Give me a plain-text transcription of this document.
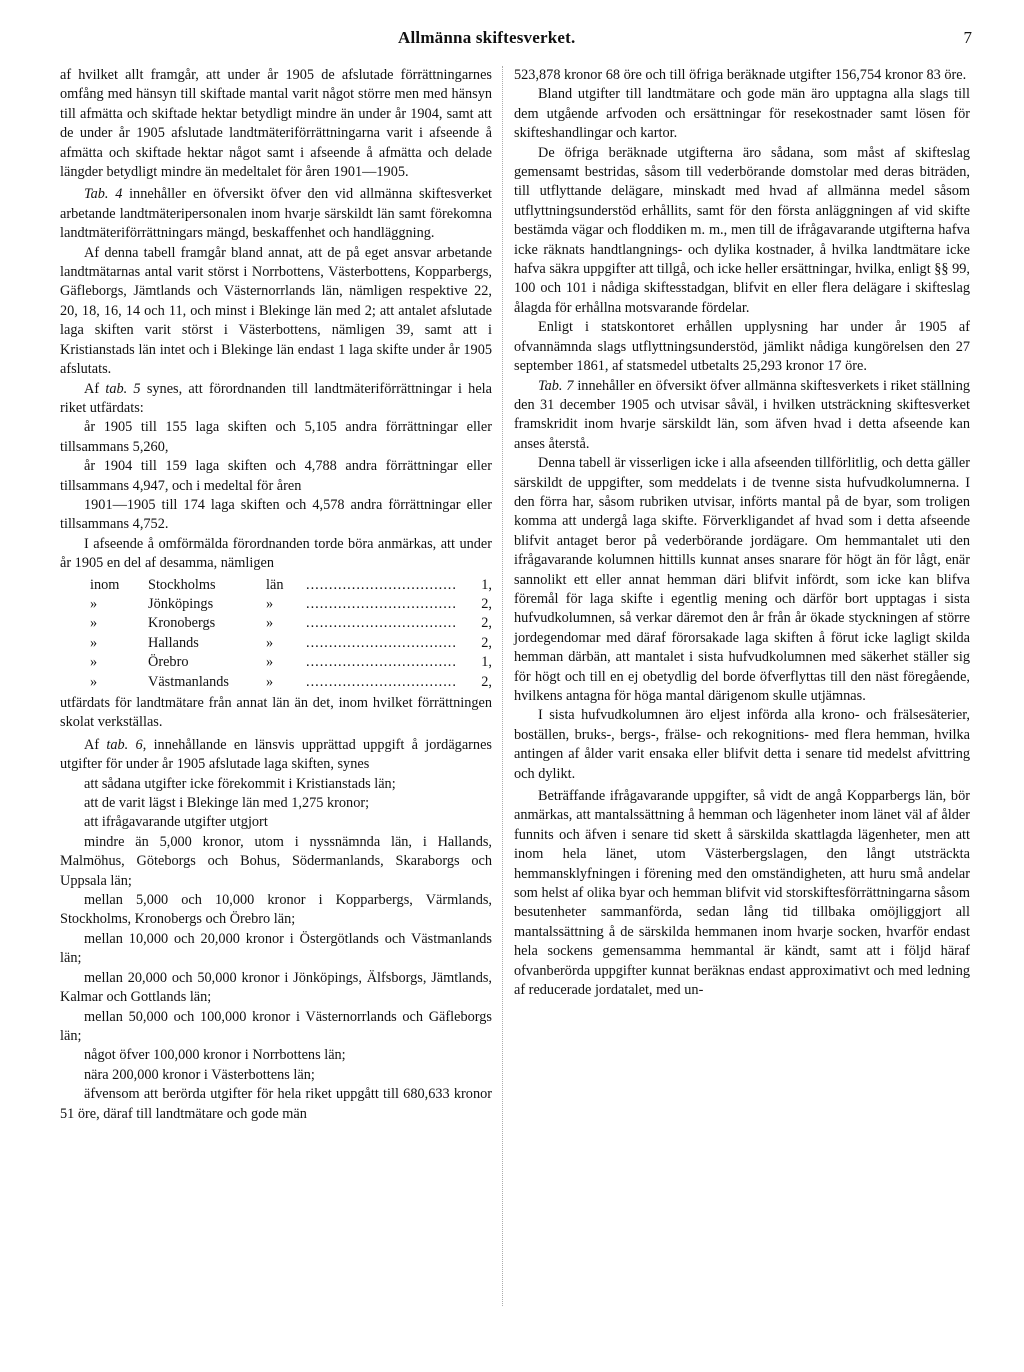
Allmänna skiftesverket.	7

af hvilket allt framgår, att under år 1905 de afslutade förrättningarnes omfång med hänsyn till skiftade mantal varit något större men med hänsyn till afmätta och skiftade hektar betydligt mindre än under år 1904, samt att de under år 1905 afslutade landtmäteriförrättningarna varit i afseende å afmätta och skiftade hektar något samt i afseende å afmätta och delade längder betydligt mindre än medeltalet för åren 1901—1905.

Tab. 4 innehåller en öfversikt öfver den vid allmänna skiftesverket arbetande landtmäteripersonalen inom hvarje särskildt län samt förekomna landtmäteriförrättningars mängd, beskaffenhet och handläggning.

Af denna tabell framgår bland annat, att de på eget ansvar arbetande landtmätarnas antal varit störst i Norrbottens, Västerbottens, Kopparbergs, Gäfleborgs, Jämtlands och Västernorrlands län, nämligen respektive 22, 20, 18, 16, 14 och 11, och minst i Blekinge län med 2; att antalet afslutade laga skiften varit störst i Västerbottens, nämligen 39, samt att i Kristianstads län intet och i Blekinge län endast 1 laga skifte under år 1905 afslutats.

Af tab. 5 synes, att förordnanden till landtmäteriförrättningar i hela riket utfärdats:

år 1905 till 155 laga skiften och 5,105 andra förrättningar eller tillsammans 5,260,

år 1904 till 159 laga skiften och 4,788 andra förrättningar eller tillsammans 4,947, och i medeltal för åren

1901—1905 till 174 laga skiften och 4,578 andra förrättningar eller tillsammans 4,752.

I afseende å omförmälda förordnanden torde böra anmärkas, att under år 1905 en del af desamma, nämligen

inom	Stockholms	län .....	1,
»	Jönköpings	» .....	2,
»	Kronobergs	» .....	2,
»	Hallands	» .....	2,
»	Örebro	» .....	1,
»	Västmanlands	» .....	2,

utfärdats för landtmätare från annat län än det, inom hvilket förrättningen skolat verkställas.

Af tab. 6, innehållande en länsvis upprättad uppgift å jordägarnes utgifter för under år 1905 afslutade laga skiften, synes

att sådana utgifter icke förekommit i Kristianstads län;

att de varit lägst i Blekinge län med 1,275 kronor;

att ifrågavarande utgifter utgjort

mindre än 5,000 kronor, utom i nyssnämnda län, i Hallands, Malmöhus, Göteborgs och Bohus, Södermanlands, Skaraborgs och Uppsala län;

mellan 5,000 och 10,000 kronor i Kopparbergs, Värmlands, Stockholms, Kronobergs och Örebro län;

mellan 10,000 och 20,000 kronor i Östergötlands och Västmanlands län;

mellan 20,000 och 50,000 kronor i Jönköpings, Älfsborgs, Jämtlands, Kalmar och Gottlands län;

mellan 50,000 och 100,000 kronor i Västernorrlands och Gäfleborgs län;

något öfver 100,000 kronor i Norrbottens län;

nära 200,000 kronor i Västerbottens län;

äfvensom att berörda utgifter för hela riket uppgått till 680,633 kronor 51 öre, däraf till landtmätare och gode män

523,878 kronor 68 öre och till öfriga beräknade utgifter 156,754 kronor 83 öre.

Bland utgifter till landtmätare och gode män äro upptagna alla slags till dem utgående arfvoden och ersättningar för resekostnader samt lösen för skifteshandlingar och kartor.

De öfriga beräknade utgifterna äro sådana, som måst af skifteslag gemensamt bestridas, såsom till vederbörande domstolar med deras biträden, till utflyttande delägare, minskadt med hvad af allmänna medel såsom utflyttningsunderstöd erhållits, samt för den första anläggningen af vid skifte bestämda vägar och floddiken m. m., men till de ifrågavarande utgifterna hafva icke räknats handtlangnings- och dylika kostnader, å hvilka landtmätare icke hafva säkra uppgifter att tillgå, och icke heller ersättningar, hvilka, enligt §§ 99, 100 och 101 i nådiga skiftesstadgan, blifvit en eller flera delägare i skifteslag ålagda för erhållna motsvarande fördelar.

Enligt i statskontoret erhållen upplysning har under år 1905 af ofvannämnda slags utflyttningsunderstöd, jämlikt nådiga kungörelsen den 27 september 1861, af statsmedel utbetalts 25,293 kronor 17 öre.

Tab. 7 innehåller en öfversikt öfver allmänna skiftesverkets i riket ställning den 31 december 1905 och utvisar såväl, i hvilken utsträckning skiftesverket framskridit inom hvarje särskildt län, som äfven hvad i detta afseende kan anses återstå.

Denna tabell är visserligen icke i alla afseenden tillförlitlig, och detta gäller särskildt de uppgifter, som meddelats i de tvenne sista hufvudkolumnerna. I den förra har, såsom rubriken utvisar, införts mantal på de byar, som troligen komma att undergå laga skifte. Förverkligandet af hvad som i detta afseende blifvit antaget beror på vederbörande jordägare. Om hemmantalet uti den ifrågavarande kolumnen hittills kunnat anses snarare för högt än för lågt, enär sannolikt ett eller annat hemman däri blifvit infördt, som icke kan blifva föremål för laga skifte i egentlig mening och därför bort upptagas i sista hufvudkolumnen, så verkar däremot den år från år ökade styckningen af större jordegendomar med däraf förorsakade laga skiften å förut icke lagligt skilda hemman därbän, att mantalet i sista hufvudkolumnen med säkerhet ställer sig för högt och till en ej obetydlig del borde öfverflyttas till den näst föregående, hvilkens antagna för höga mantal därigenom skulle utjämnas.

I sista hufvudkolumnen äro eljest införda alla krono- och frälsesäterier, boställen, bruks-, bergs-, frälse- och rekognitions- med flera hemman, hvilka antingen af ålder varit ensaka eller blifvit detta i senare tid medelst afvittring och dylikt.

Beträffande ifrågavarande uppgifter, så vidt de angå Kopparbergs län, bör anmärkas, att mantalssättning å hemman och lägenheter inom länet väl af ålder funnits och äfven i senare tid skett å särskilda skattlagda lägenheter, men att inom hela länet, utom Västerbergslagen, den långt utsträckta hemmansklyfningen i förening med den omständigheten, att huru små andelar som helst af olika byar och hemman blifvit vid storskiftesförrättningarna såsom besutenheter sammanförda, sedan lång tid tillbaka omöjliggjort all mantalssättning å de särskilda hemmanen inom hvarje socken, hvarför endast hela sockens gemensamma hemmantal är kändt, samt att i följd häraf ofvanberörda uppgifter kunnat beräknas endast approximativt och med ledning af reducerade jordatalet, med un-
